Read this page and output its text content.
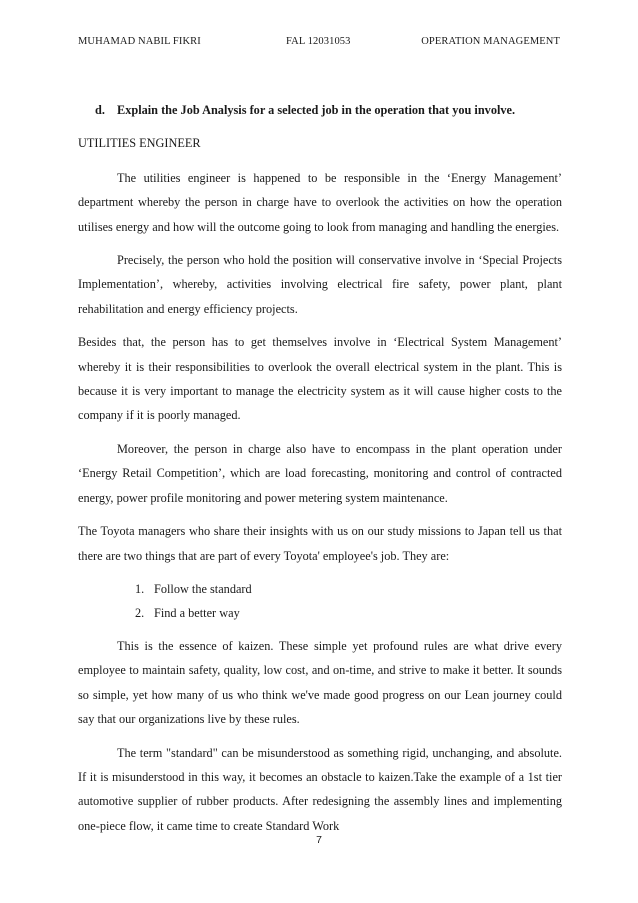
MUHAMAD NABIL FIKRI	FAL 12031053	OPERATION MANAGEMENT
d. Explain the Job Analysis for a selected job in the operation that you involve.
UTILITIES ENGINEER

The utilities engineer is happened to be responsible in the ‘Energy Management’ department whereby the person in charge have to overlook the activities on how the operation utilises energy and how will the outcome going to look from managing and handling the energies.

Precisely, the person who hold the position will conservative involve in ‘Special Projects Implementation’, whereby, activities involving electrical fire safety, power plant, plant rehabilitation and energy efficiency projects.

Besides that, the person has to get themselves involve in ‘Electrical System Management’ whereby it is their responsibilities to overlook the overall electrical system in the plant. This is because it is very important to manage the electricity system as it will cause higher costs to the company if it is poorly managed.

Moreover, the person in charge also have to encompass in the plant operation under ‘Energy Retail Competition’, which are load forecasting, monitoring and control of contracted energy, power profile monitoring and power metering system maintenance.

The Toyota managers who share their insights with us on our study missions to Japan tell us that there are two things that are part of every Toyota' employee's job. They are:

1. Follow the standard
2. Find a better way

This is the essence of kaizen. These simple yet profound rules are what drive every employee to maintain safety, quality, low cost, and on-time, and strive to make it better. It sounds so simple, yet how many of us who think we've made good progress on our Lean journey could say that our organizations live by these rules.

The term "standard" can be misunderstood as something rigid, unchanging, and absolute. If it is misunderstood in this way, it becomes an obstacle to kaizen.Take the example of a 1st tier automotive supplier of rubber products. After redesigning the assembly lines and implementing one-piece flow, it came time to create Standard Work

7
